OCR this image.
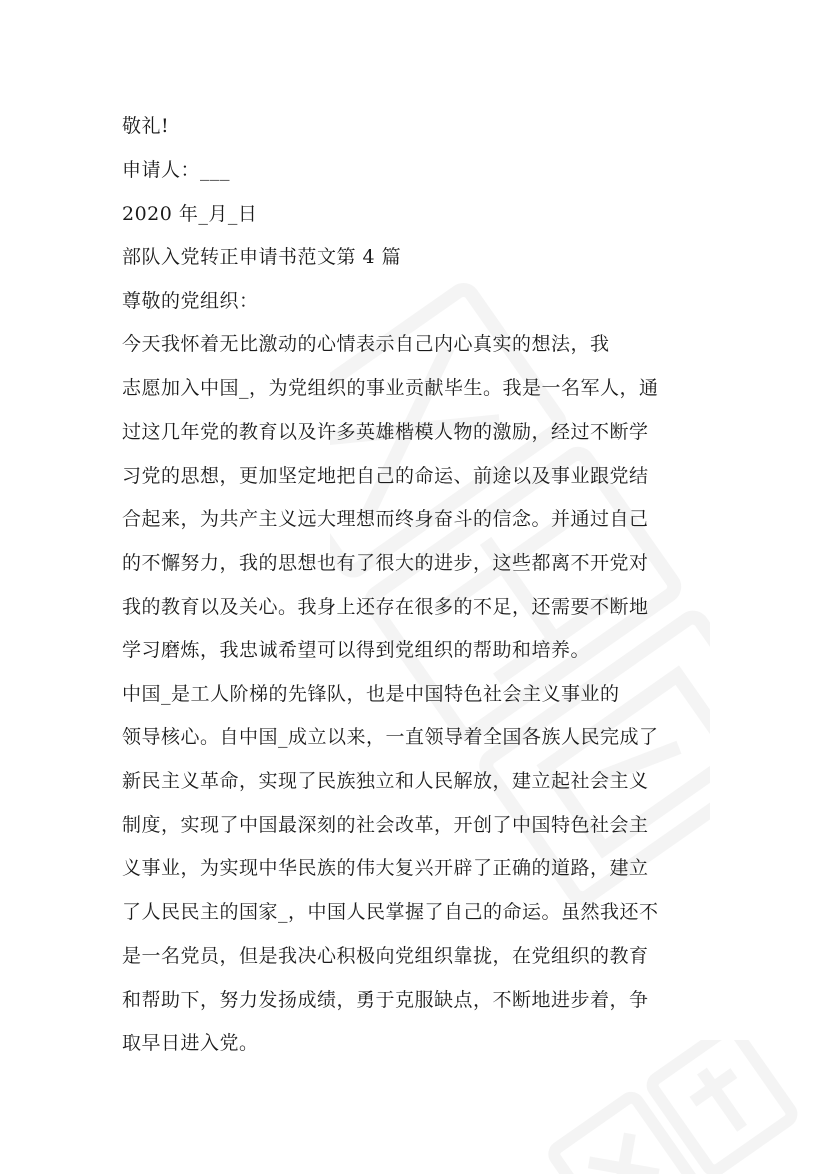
敬礼!
申请人：___
2020 年_月_日
部队入党转正申请书范文第 4 篇
尊敬的党组织：
今天我怀着无比激动的心情表示自己内心真实的想法，我
志愿加入中国_，为党组织的事业贡献毕生。我是一名军人，通
过这几年党的教育以及许多英雄楷模人物的激励，经过不断学
习党的思想，更加坚定地把自己的命运、前途以及事业跟党结
合起来，为共产主义远大理想而终身奋斗的信念。并通过自己
的不懈努力，我的思想也有了很大的进步，这些都离不开党对
我的教育以及关心。我身上还存在很多的不足，还需要不断地
学习磨炼，我忠诚希望可以得到党组织的帮助和培养。
中国_是工人阶梯的先锋队，也是中国特色社会主义事业的
领导核心。自中国_成立以来，一直领导着全国各族人民完成了
新民主义革命，实现了民族独立和人民解放，建立起社会主义
制度，实现了中国最深刻的社会改革，开创了中国特色社会主
义事业，为实现中华民族的伟大复兴开辟了正确的道路，建立
了人民民主的国家_，中国人民掌握了自己的命运。虽然我还不
是一名党员，但是我决心积极向党组织靠拢，在党组织的教育
和帮助下，努力发扬成绩，勇于克服缺点，不断地进步着，争
取早日进入党。
